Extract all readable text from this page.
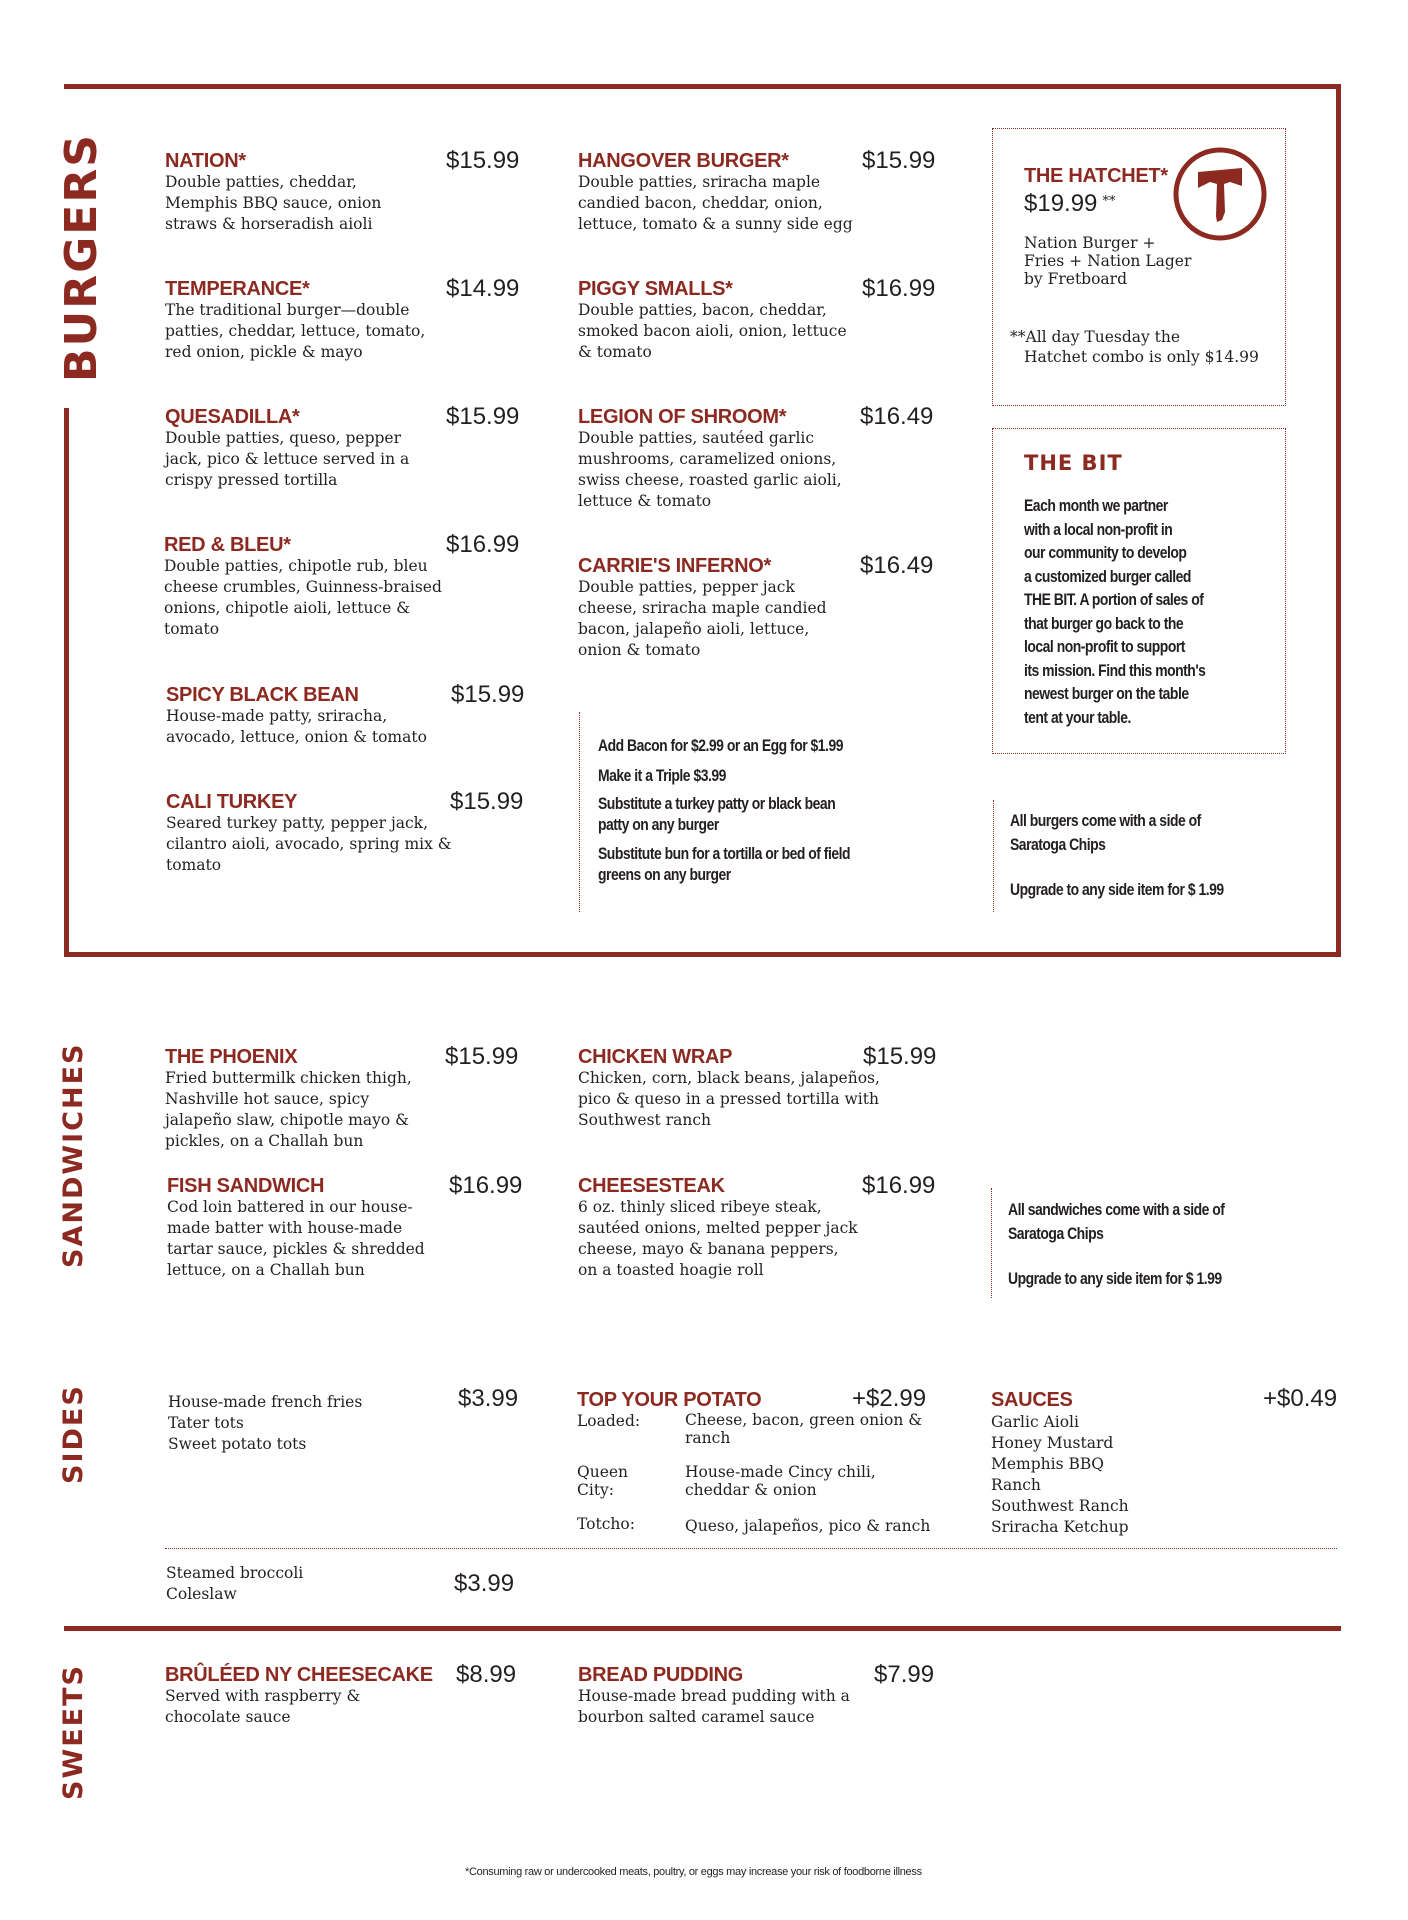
BURGERS
SANDWICHES
SIDES
SWEETS
NATION*
Double patties, cheddar, Memphis BBQ sauce, onion straws & horseradish aioli
$15.99
TEMPERANCE*
The traditional burger—double patties, cheddar, lettuce, tomato, red onion, pickle & mayo
$14.99
QUESADILLA*
Double patties, queso, pepper jack, pico & lettuce served in a crispy pressed tortilla
$15.99
RED & BLEU*
Double patties, chipotle rub, bleu cheese crumbles, Guinness-braised onions, chipotle aioli, lettuce & tomato
$16.99
SPICY BLACK BEAN
House-made patty, sriracha, avocado, lettuce, onion & tomato
$15.99
CALI TURKEY
Seared turkey patty, pepper jack, cilantro aioli, avocado, spring mix & tomato
$15.99
HANGOVER BURGER*
Double patties, sriracha maple candied bacon, cheddar, onion, lettuce, tomato & a sunny side egg
$15.99
PIGGY SMALLS*
Double patties, bacon, cheddar, smoked bacon aioli, onion, lettuce & tomato
$16.99
LEGION OF SHROOM*
Double patties, sautéed garlic mushrooms, caramelized onions, swiss cheese, roasted garlic aioli, lettuce & tomato
$16.49
CARRIE'S INFERNO*
Double patties, pepper jack cheese, sriracha maple candied bacon, jalapeño aioli, lettuce, onion & tomato
$16.49
Add Bacon for $2.99 or an Egg for $1.99
Make it a Triple $3.99
Substitute a turkey patty or black bean
patty on any burger
Substitute bun for a tortilla or bed of field
greens on any burger
THE HATCHET*
$19.99 **
Nation Burger +
Fries + Nation Lager
by Fretboard
**All day Tuesday the
Hatchet combo is only $14.99
THE BIT
Each month we partner
with a local non-profit in
our community to develop
a customized burger called
THE BIT. A portion of sales of
that burger go back to the
local non-profit to support
its mission. Find this month's
newest burger on the table
tent at your table.
All burgers come with a side of
Saratoga Chips
Upgrade to any side item for $ 1.99
THE PHOENIX
Fried buttermilk chicken thigh, Nashville hot sauce, spicy jalapeño slaw, chipotle mayo & pickles, on a Challah bun
$15.99
FISH SANDWICH
Cod loin battered in our house-made batter with house-made tartar sauce, pickles & shredded lettuce, on a Challah bun
$16.99
CHICKEN WRAP
Chicken, corn, black beans, jalapeños, pico & queso in a pressed tortilla with Southwest ranch
$15.99
CHEESESTEAK
6 oz. thinly sliced ribeye steak, sautéed onions, melted pepper jack cheese, mayo & banana peppers, on a toasted hoagie roll
$16.99
All sandwiches come with a side of
Saratoga Chips
Upgrade to any side item for $ 1.99
House-made french fries
Tater tots
Sweet potato tots
$3.99	TOP YOUR POTATO	+$2.99
Loaded:	Cheese, bacon, green onion & ranch
Queen City:
House-made Cincy chili, cheddar & onion
Totcho:	Queso, jalapeños, pico & ranch
SAUCES	+$0.49
Garlic Aioli
Honey Mustard
Memphis BBQ
Ranch
Southwest Ranch
Sriracha Ketchup
Steamed broccoli
Coleslaw	$3.99
BRÛLÉED NY CHEESECAKE
Served with raspberry & chocolate sauce
$8.99	BREAD PUDDING
House-made bread pudding with a bourbon salted caramel sauce
$7.99
*Consuming raw or undercooked meats, poultry, or eggs may increase your risk of foodborne illness
